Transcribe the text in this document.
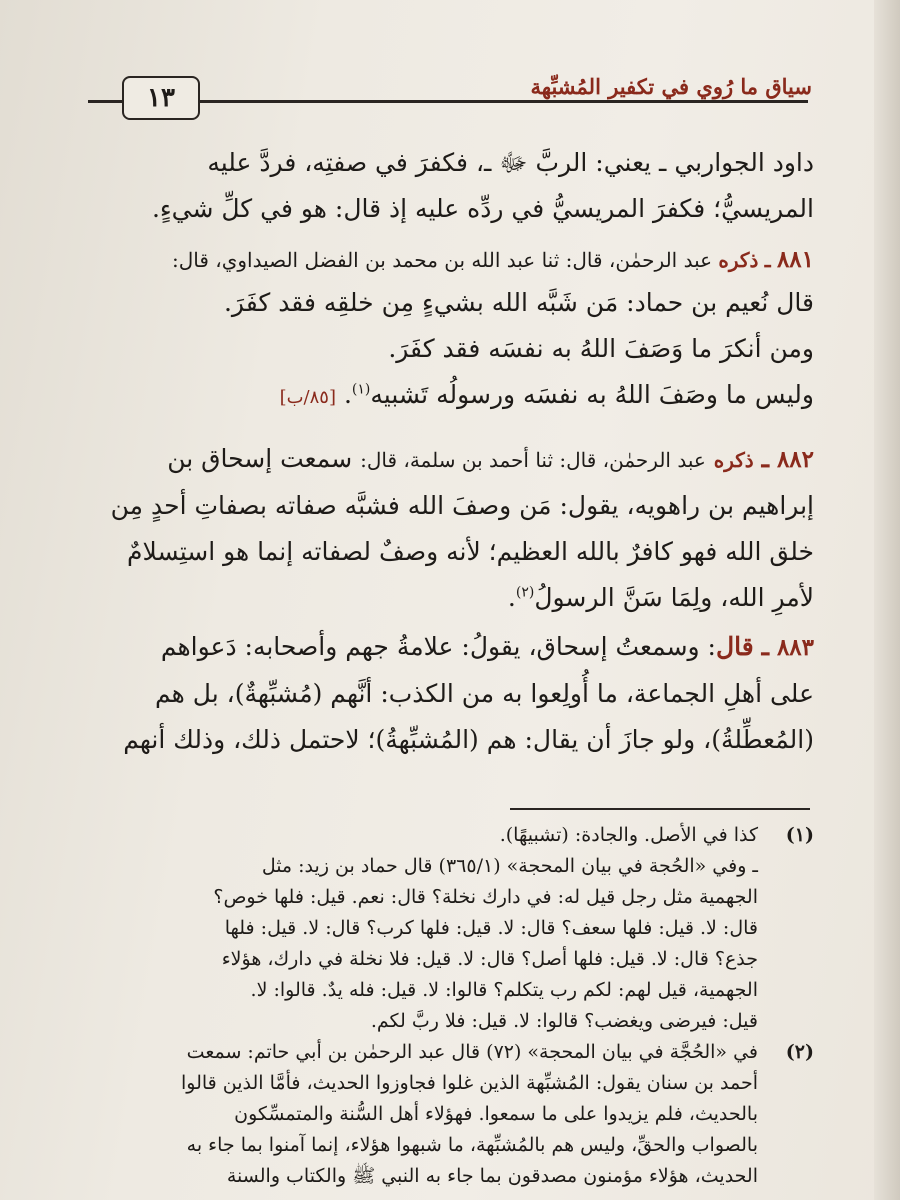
سياق ما رُوي في تكفير المُشبِّهة
١٣
داود الجواربي ـ يعني: الربَّ ﷻ ـ، فكفرَ في صفتِه، فردَّ عليه
المريسيُّ؛ فكفرَ المريسيُّ في ردِّه عليه إذ قال: هو في كلِّ شيءٍ.
٨٨١ ـ ذكره عبد الرحمٰن، قال: ثنا عبد الله بن محمد بن الفضل الصيداوي، قال:
قال نُعيم بن حماد: مَن شَبَّه الله بشيءٍ مِن خلقِه فقد كفَرَ.
ومن أنكرَ ما وَصَفَ اللهُ به نفسَه فقد كفَرَ.
وليس ما وصَفَ اللهُ به نفسَه ورسولُه تَشبيه$^{(١)}$. [٨٥/ب]
٨٨٢ ـ ذكره عبد الرحمٰن، قال: ثنا أحمد بن سلمة، قال: سمعت إسحاق بن
إبراهيم بن راهويه، يقول: مَن وصفَ الله فشبَّه صفاته بصفاتِ أحدٍ مِن
خلق الله فهو كافرٌ بالله العظيم؛ لأنه وصفٌ لصفاته إنما هو استِسلامٌ
لأمرِ الله، ولِمَا سَنَّ الرسولُ$^{(٢)}$.
٨٨٣ ـ قال: وسمعتُ إسحاق، يقولُ: علامةُ جهم وأصحابه: دَعواهم
على أهلِ الجماعة، ما أُولِعوا به من الكذب: أنَّهم (مُشبِّهةٌ)، بل هم
(المُعطِّلةُ)، ولو جازَ أن يقال: هم (المُشبِّهةُ)؛ لاحتمل ذلك، وذلك أنهم
(١)
كذا في الأصل. والجادة: (تشبيهًا).
ـ وفي «الحُجة في بيان المحجة» (٣٦٥/١) قال حماد بن زيد: مثل
الجهمية مثل رجل قيل له: في دارك نخلة؟ قال: نعم. قيل: فلها خوص؟
قال: لا. قيل: فلها سعف؟ قال: لا. قيل: فلها كرب؟ قال: لا. قيل: فلها
جذع؟ قال: لا. قيل: فلها أصل؟ قال: لا. قيل: فلا نخلة في دارك، هؤلاء
الجهمية، قيل لهم: لكم رب يتكلم؟ قالوا: لا. قيل: فله يدٌ. قالوا: لا.
قيل: فيرضى ويغضب؟ قالوا: لا. قيل: فلا ربَّ لكم.
(٢)
في «الحُجَّة في بيان المحجة» (٧٢) قال عبد الرحمٰن بن أبي حاتم: سمعت
أحمد بن سنان يقول: المُشبِّهة الذين غلوا فجاوزوا الحديث، فأمَّا الذين قالوا
بالحديث، فلم يزيدوا على ما سمعوا. فهؤلاء أهل السُّنة والمتمسِّكون
بالصواب والحقِّ، وليس هم بالمُشبِّهة، ما شبهوا هؤلاء، إنما آمنوا بما جاء به
الحديث، هؤلاء مؤمنون مصدقون بما جاء به النبي ﷺ والكتاب والسنة
